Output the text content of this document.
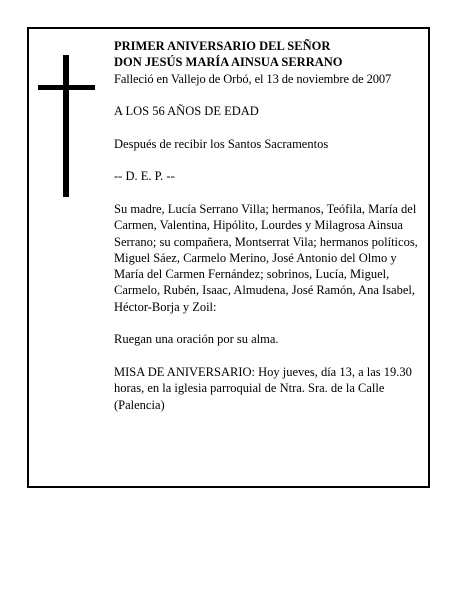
PRIMER ANIVERSARIO DEL SEÑOR

DON JESÚS MARÍA AINSUA SERRANO

Falleció en Vallejo de Orbó, el 13 de noviembre de 2007

A LOS 56 AÑOS DE EDAD

Después de recibir los Santos Sacramentos

-- D. E. P. --

Su madre, Lucía Serrano Villa; hermanos, Teófila, María del Carmen, Valentina, Hipólito, Lourdes y Milagrosa Ainsua Serrano; su compañera, Montserrat Vila; hermanos políticos, Miguel Sáez, Carmelo Merino, José Antonio del Olmo y María del Carmen Fernández; sobrinos, Lucía, Miguel, Carmelo, Rubén, Isaac, Almudena, José Ramón, Ana Isabel, Héctor-Borja y Zoil:

Ruegan una oración por su alma.

MISA DE ANIVERSARIO: Hoy jueves, día 13, a las 19.30 horas, en la iglesia parroquial de Ntra. Sra. de la Calle (Palencia)
